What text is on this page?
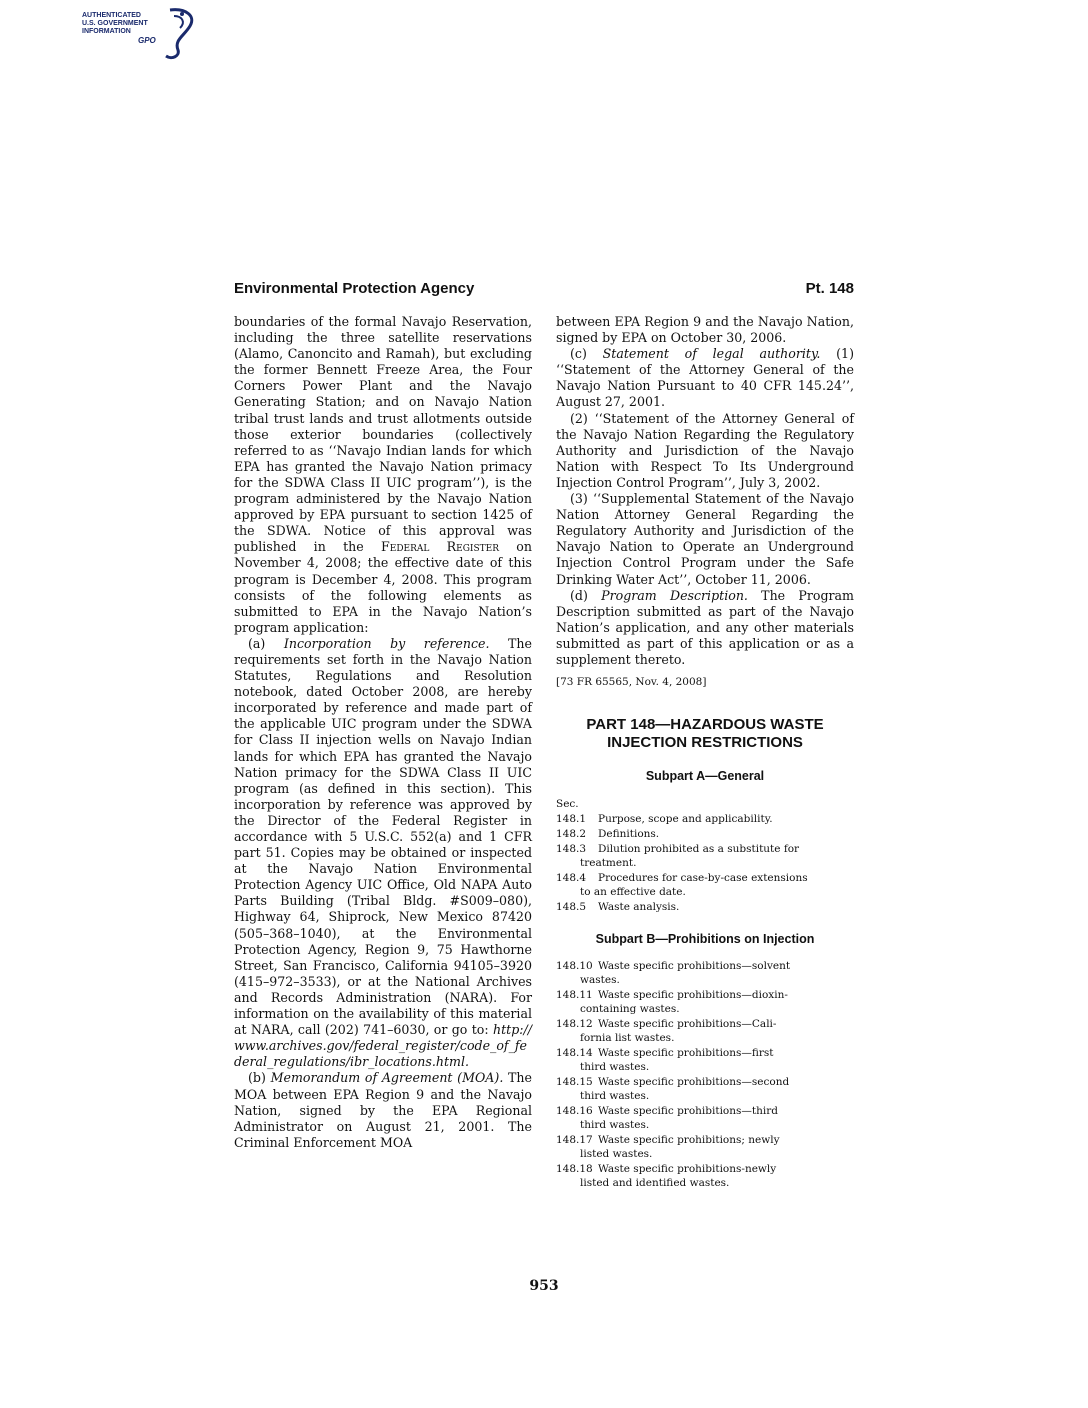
AUTHENTICATED
U.S. GOVERNMENT
INFORMATION
GPO
Environmental Protection Agency	Pt. 148

boundaries of the formal Navajo Reservation, including the three satellite reservations (Alamo, Canoncito and Ramah), but excluding the former Bennett Freeze Area, the Four Corners Power Plant and the Navajo Generating Station; and on Navajo Nation tribal trust lands and trust allotments outside those exterior boundaries (collectively referred to as ‘‘Navajo Indian lands for which EPA has granted the Navajo Nation primacy for the SDWA Class II UIC program’’), is the program administered by the Navajo Nation approved by EPA pursuant to section 1425 of the SDWA. Notice of this approval was published in the Federal Register on November 4, 2008; the effective date of this program is December 4, 2008. This program consists of the following elements as submitted to EPA in the Navajo Nation’s program application:

(a) Incorporation by reference. The requirements set forth in the Navajo Nation Statutes, Regulations and Resolution notebook, dated October 2008, are hereby incorporated by reference and made part of the applicable UIC program under the SDWA for Class II injection wells on Navajo Indian lands for which EPA has granted the Navajo Nation primacy for the SDWA Class II UIC program (as defined in this section). This incorporation by reference was approved by the Director of the Federal Register in accordance with 5 U.S.C. 552(a) and 1 CFR part 51. Copies may be obtained or inspected at the Navajo Nation Environmental Protection Agency UIC Office, Old NAPA Auto Parts Building (Tribal Bldg. #S009–080), Highway 64, Shiprock, New Mexico 87420 (505–368–1040), at the Environmental Protection Agency, Region 9, 75 Hawthorne Street, San Francisco, California 94105–3920 (415–972–3533), or at the National Archives and Records Administration (NARA). For information on the availability of this material at NARA, call (202) 741–6030, or go to: http://www.archives.gov/federal_register/code_of_federal_regulations/ibr_locations.html.

(b) Memorandum of Agreement (MOA). The MOA between EPA Region 9 and the Navajo Nation, signed by the EPA Regional Administrator on August 21, 2001. The Criminal Enforcement MOA

between EPA Region 9 and the Navajo Nation, signed by EPA on October 30, 2006.

(c) Statement of legal authority. (1) ‘‘Statement of the Attorney General of the Navajo Nation Pursuant to 40 CFR 145.24’’, August 27, 2001.

(2) ‘‘Statement of the Attorney General of the Navajo Nation Regarding the Regulatory Authority and Jurisdiction of the Navajo Nation with Respect To Its Underground Injection Control Program’’, July 3, 2002.

(3) ‘‘Supplemental Statement of the Navajo Nation Attorney General Regarding the Regulatory Authority and Jurisdiction of the Navajo Nation to Operate an Underground Injection Control Program under the Safe Drinking Water Act’’, October 11, 2006.

(d) Program Description. The Program Description submitted as part of the Navajo Nation’s application, and any other materials submitted as part of this application or as a supplement thereto.

[73 FR 65565, Nov. 4, 2008]

PART 148—HAZARDOUS WASTE
INJECTION RESTRICTIONS

Subpart A—General

Sec.

148.1	Purpose, scope and applicability.
148.2	Definitions.
148.3	Dilution prohibited as a substitute for
treatment.
148.4	Procedures for case-by-case extensions
to an effective date.
148.5	Waste analysis.

Subpart B—Prohibitions on Injection

148.10 Waste specific prohibitions—solvent
wastes.
148.11 Waste specific prohibitions—dioxin-
containing wastes.
148.12 Waste specific prohibitions—Cali-
fornia list wastes.
148.14 Waste specific prohibitions—first
third wastes.
148.15 Waste specific prohibitions—second
third wastes.
148.16 Waste specific prohibitions—third
third wastes.
148.17 Waste specific prohibitions; newly
listed wastes.
148.18 Waste specific prohibitions-newly
listed and identified wastes.
953
